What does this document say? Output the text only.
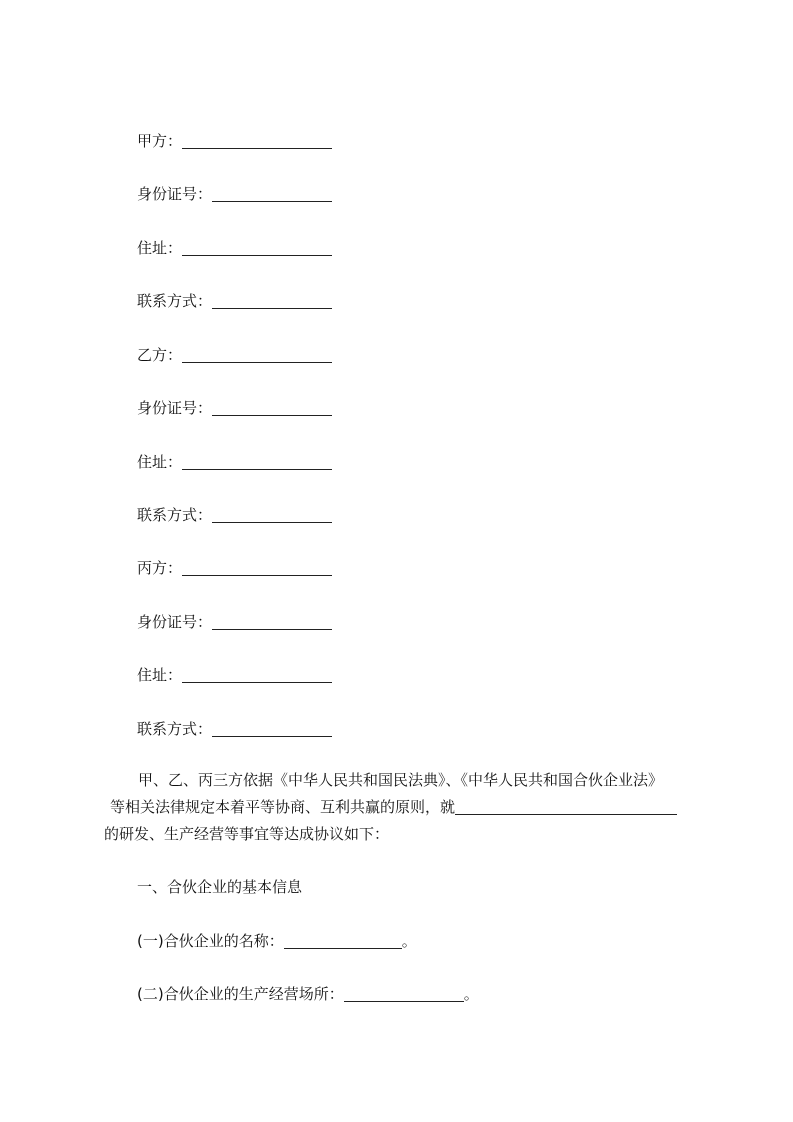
甲方：
身份证号：
住址：
联系方式：
乙方：
身份证号：
住址：
联系方式：
丙方：
身份证号：
住址：
联系方式：
甲、乙、丙三方依据《中华人民共和国民法典》、《中华人民共和国合伙企业法》
等相关法律规定本着平等协商、互利共赢的原则，就
的研发、生产经营等事宜等达成协议如下：
一、合伙企业的基本信息
(一)合伙企业的名称：	。
(二)合伙企业的生产经营场所：	。
